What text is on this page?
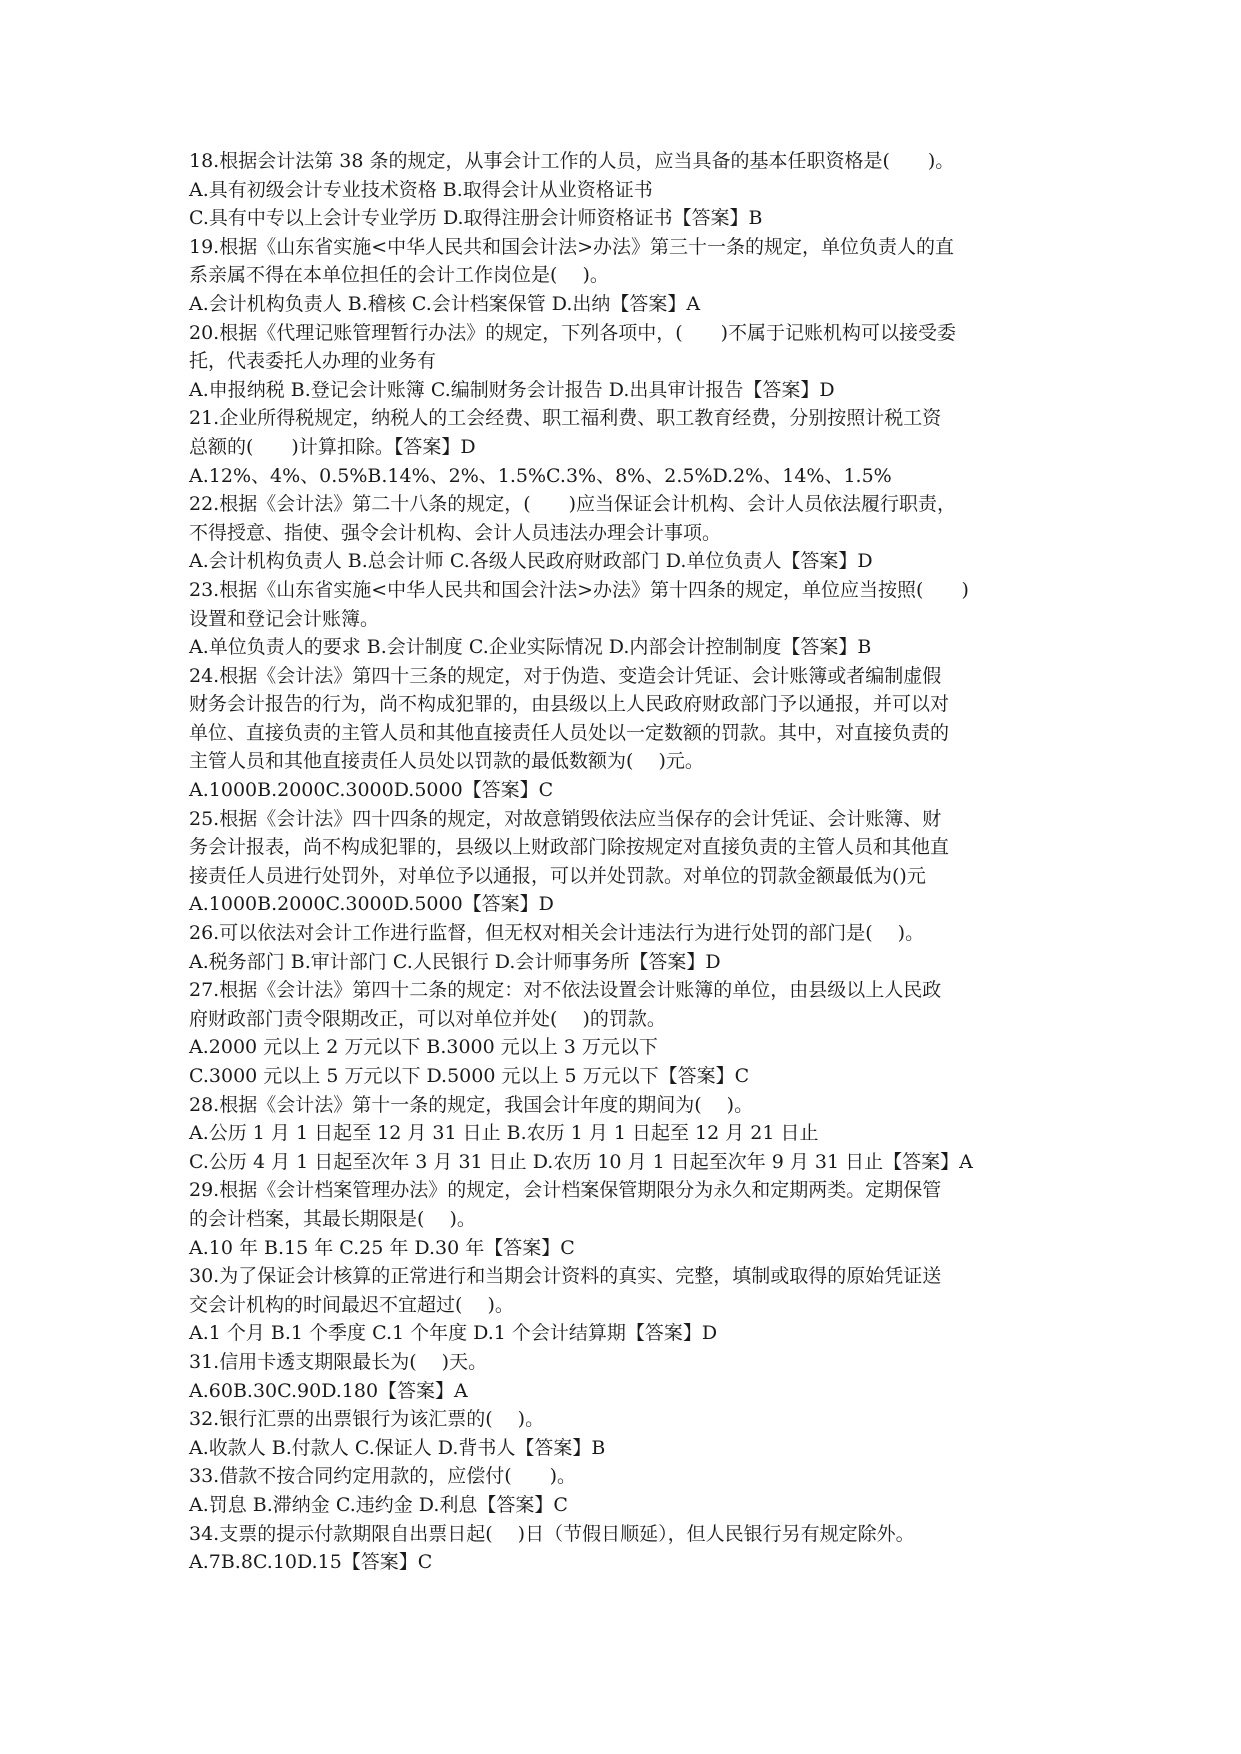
18.根据会计法第 38 条的规定，从事会计工作的人员，应当具备的基本任职资格是(　　)。
A.具有初级会计专业技术资格 B.取得会计从业资格证书
C.具有中专以上会计专业学历 D.取得注册会计师资格证书【答案】B
19.根据《山东省实施<中华人民共和国会计法>办法》第三十一条的规定，单位负责人的直
系亲属不得在本单位担任的会计工作岗位是(　 )。
A.会计机构负责人 B.稽核 C.会计档案保管 D.出纳【答案】A
20.根据《代理记账管理暂行办法》的规定，下列各项中，(　　)不属于记账机构可以接受委
托，代表委托人办理的业务有
A.申报纳税 B.登记会计账簿 C.编制财务会计报告 D.出具审计报告【答案】D
21.企业所得税规定，纳税人的工会经费、职工福利费、职工教育经费，分别按照计税工资
总额的(　　)计算扣除。【答案】D
A.12%、4%、0.5%B.14%、2%、1.5%C.3%、8%、2.5%D.2%、14%、1.5%
22.根据《会计法》第二十八条的规定，(　　)应当保证会计机构、会计人员依法履行职责，
不得授意、指使、强令会计机构、会计人员违法办理会计事项。
A.会计机构负责人 B.总会计师 C.各级人民政府财政部门 D.单位负责人【答案】D
23.根据《山东省实施<中华人民共和国会汁法>办法》第十四条的规定，单位应当按照(　　)
设置和登记会计账簿。
A.单位负责人的要求 B.会计制度 C.企业实际情况 D.内部会计控制制度【答案】B
24.根据《会计法》第四十三条的规定，对于伪造、变造会计凭证、会计账簿或者编制虚假
财务会计报告的行为，尚不构成犯罪的，由县级以上人民政府财政部门予以通报，并可以对
单位、直接负责的主管人员和其他直接责任人员处以一定数额的罚款。其中，对直接负责的
主管人员和其他直接责任人员处以罚款的最低数额为(　 )元。
A.1000B.2000C.3000D.5000【答案】C
25.根据《会计法》四十四条的规定，对故意销毁依法应当保存的会计凭证、会计账簿、财
务会计报表，尚不构成犯罪的，县级以上财政部门除按规定对直接负责的主管人员和其他直
接责任人员进行处罚外，对单位予以通报，可以并处罚款。对单位的罚款金额最低为()元
A.1000B.2000C.3000D.5000【答案】D
26.可以依法对会计工作进行监督，但无权对相关会计违法行为进行处罚的部门是(　 )。
A.税务部门 B.审计部门 C.人民银行 D.会计师事务所【答案】D
27.根据《会计法》第四十二条的规定：对不依法设置会计账簿的单位，由县级以上人民政
府财政部门责令限期改正，可以对单位并处(　 )的罚款。
A.2000 元以上 2 万元以下 B.3000 元以上 3 万元以下
C.3000 元以上 5 万元以下 D.5000 元以上 5 万元以下【答案】C
28.根据《会计法》第十一条的规定，我国会计年度的期间为(　 )。
A.公历 1 月 1 日起至 12 月 31 日止 B.农历 1 月 1 日起至 12 月 21 日止
C.公历 4 月 1 日起至次年 3 月 31 日止 D.农历 10 月 1 日起至次年 9 月 31 日止【答案】A
29.根据《会计档案管理办法》的规定，会计档案保管期限分为永久和定期两类。定期保管
的会计档案，其最长期限是(　 )。
A.10 年 B.15 年 C.25 年 D.30 年【答案】C
30.为了保证会计核算的正常进行和当期会计资料的真实、完整，填制或取得的原始凭证送
交会计机构的时间最迟不宜超过(　 )。
A.1 个月 B.1 个季度 C.1 个年度 D.1 个会计结算期【答案】D
31.信用卡透支期限最长为(　 )天。
A.60B.30C.90D.180【答案】A
32.银行汇票的出票银行为该汇票的(　 )。
A.收款人 B.付款人 C.保证人 D.背书人【答案】B
33.借款不按合同约定用款的，应偿付(　　)。
A.罚息 B.滞纳金 C.违约金 D.利息【答案】C
34.支票的提示付款期限自出票日起(　 )日（节假日顺延），但人民银行另有规定除外。
A.7B.8C.10D.15【答案】C
